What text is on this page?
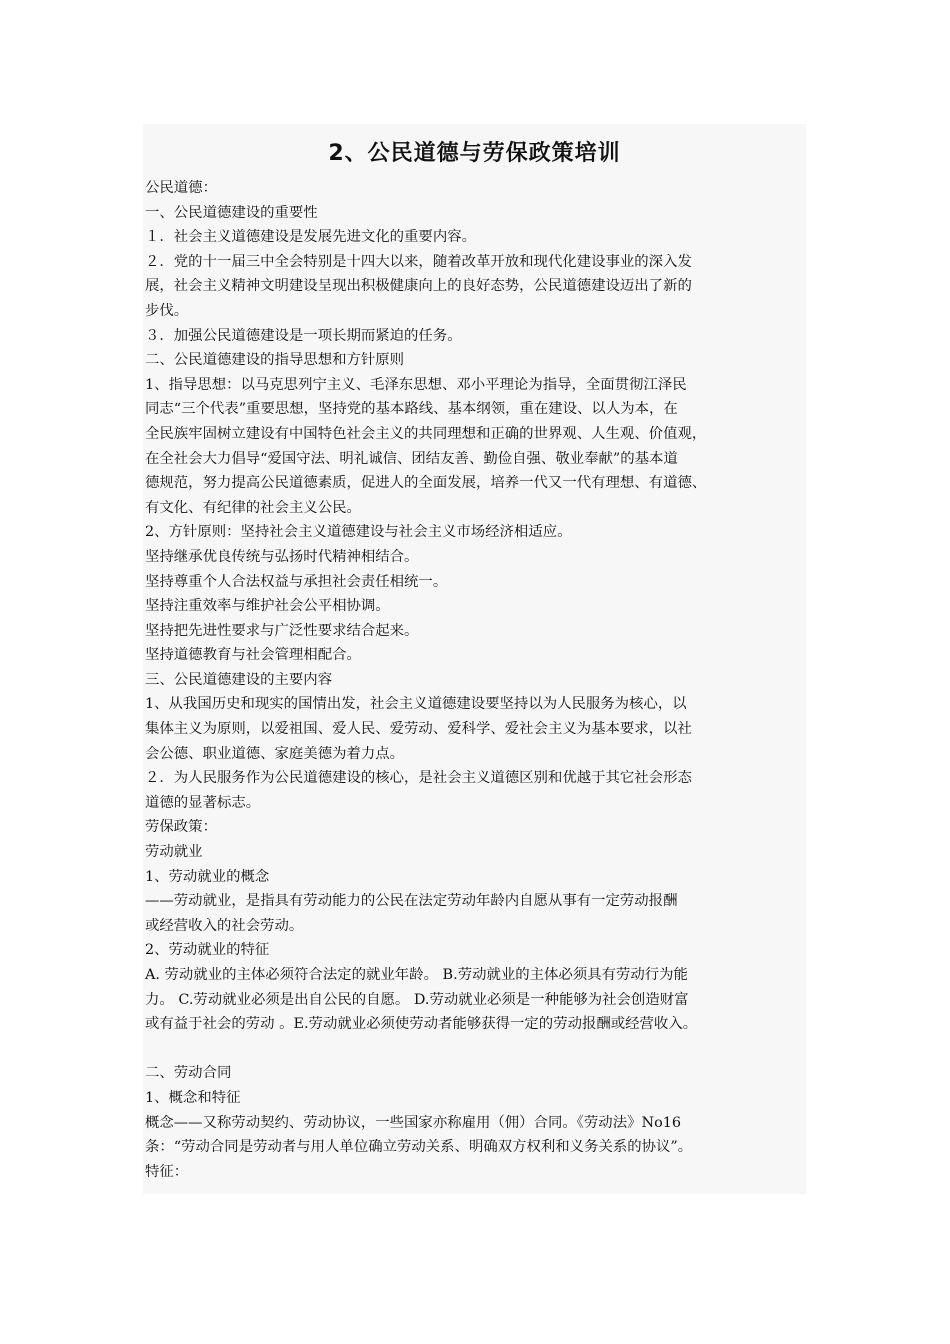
2、公民道德与劳保政策培训
公民道德：
一、公民道德建设的重要性
１．社会主义道德建设是发展先进文化的重要内容。
２．党的十一届三中全会特别是十四大以来，随着改革开放和现代化建设事业的深入发
展，社会主义精神文明建设呈现出积极健康向上的良好态势，公民道德建设迈出了新的
步伐。
３．加强公民道德建设是一项长期而紧迫的任务。
二、公民道德建设的指导思想和方针原则
1、指导思想：以马克思列宁主义、毛泽东思想、邓小平理论为指导，全面贯彻江泽民
同志“三个代表”重要思想，坚持党的基本路线、基本纲领，重在建设、以人为本，在
全民族牢固树立建设有中国特色社会主义的共同理想和正确的世界观、人生观、价值观，
在全社会大力倡导“爱国守法、明礼诚信、团结友善、勤俭自强、敬业奉献”的基本道
德规范，努力提高公民道德素质，促进人的全面发展，培养一代又一代有理想、有道德、
有文化、有纪律的社会主义公民。
2、方针原则：坚持社会主义道德建设与社会主义市场经济相适应。
坚持继承优良传统与弘扬时代精神相结合。
坚持尊重个人合法权益与承担社会责任相统一。
坚持注重效率与维护社会公平相协调。
坚持把先进性要求与广泛性要求结合起来。
坚持道德教育与社会管理相配合。
三、公民道德建设的主要内容
1、从我国历史和现实的国情出发，社会主义道德建设要坚持以为人民服务为核心，以
集体主义为原则，以爱祖国、爱人民、爱劳动、爱科学、爱社会主义为基本要求，以社
会公德、职业道德、家庭美德为着力点。
２．为人民服务作为公民道德建设的核心，是社会主义道德区别和优越于其它社会形态
道德的显著标志。
劳保政策：
劳动就业
1、劳动就业的概念
——劳动就业，是指具有劳动能力的公民在法定劳动年龄内自愿从事有一定劳动报酬
或经营收入的社会劳动。
2、劳动就业的特征
A. 劳动就业的主体必须符合法定的就业年龄。 B.劳动就业的主体必须具有劳动行为能
力。 C.劳动就业必须是出自公民的自愿。 D.劳动就业必须是一种能够为社会创造财富
或有益于社会的劳动 。E.劳动就业必须使劳动者能够获得一定的劳动报酬或经营收入。
二、劳动合同
1、概念和特征
概念——又称劳动契约、劳动协议，一些国家亦称雇用（佣）合同。《劳动法》No16
条：“劳动合同是劳动者与用人单位确立劳动关系、明确双方权利和义务关系的协议”。
特征：
